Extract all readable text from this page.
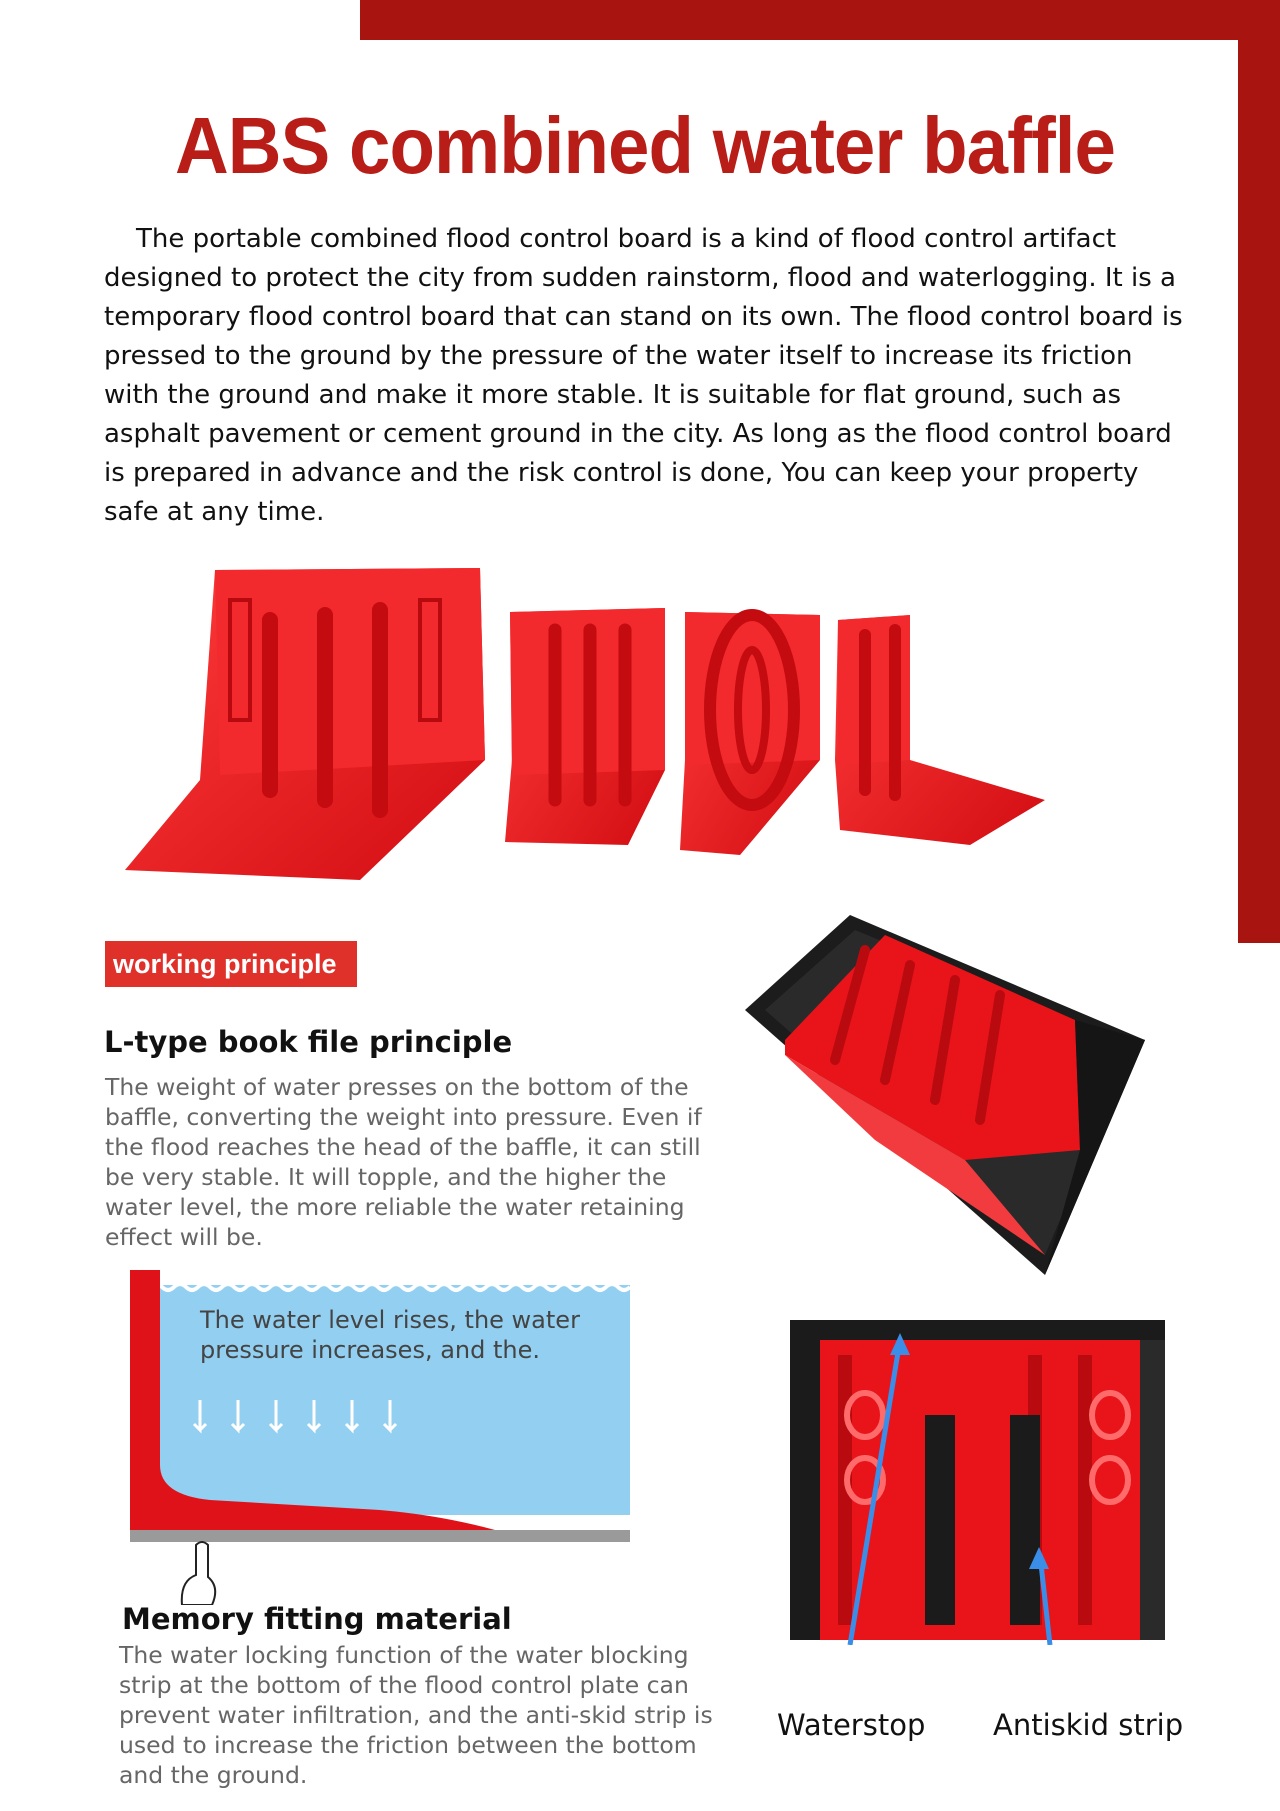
ABS combined water baffle

The portable combined flood control board is a kind of flood control artifact designed to protect the city from sudden rainstorm, flood and waterlogging. It is a temporary flood control board that can stand on its own. The flood control board is pressed to the ground by the pressure of the water itself to increase its friction with the ground and make it more stable. It is suitable for flat ground, such as asphalt pavement or cement ground in the city. As long as the flood control board is prepared in advance and the risk control is done, You can keep your property safe at any time.

working principle
L-type book file principle

The weight of water presses on the bottom of the baffle, converting the weight into pressure. Even if the flood reaches the head of the baffle, it can still be very stable. It will topple, and the higher the water level, the more reliable the water retaining effect will be.

The water level rises, the water pressure increases, and the.

Memory fitting material

The water locking function of the water blocking strip at the bottom of the flood control plate can prevent water infiltration, and the anti-skid strip is used to increase the friction between the bottom and the ground.

Waterstop Antiskid strip
